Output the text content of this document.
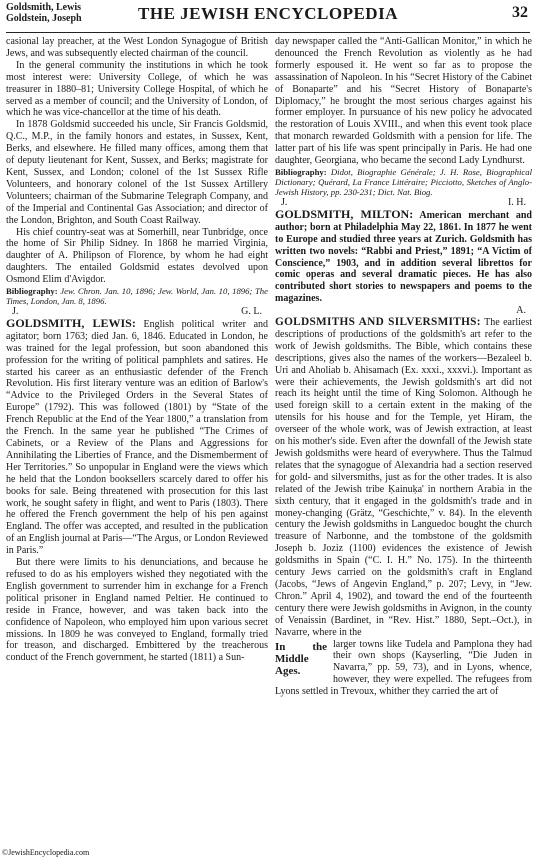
Goldsmith, Lewis
Goldstein, Joseph	THE JEWISH ENCYCLOPEDIA	32

casional lay preacher, at the West London Synagogue of British Jews, and was subsequently elected chairman of the council.

In the general community the institutions in which he took most interest were: University College, of which he was treasurer in 1880–81; University College Hospital, of which he served as a member of council; and the University of London, of which he was vice-chancellor at the time of his death.

In 1878 Goldsmid succeeded his uncle, Sir Francis Goldsmid, Q.C., M.P., in the family honors and estates, in Sussex, Kent, Berks, and elsewhere. He filled many offices, among them that of deputy lieutenant for Kent, Sussex, and Berks; magistrate for Kent, Sussex, and London; colonel of the 1st Sussex Rifle Volunteers, and honorary colonel of the 1st Sussex Artillery Volunteers; chairman of the Submarine Telegraph Company, and of the Imperial and Continental Gas Association; and director of the London, Brighton, and South Coast Railway.

His chief country-seat was at Somerhill, near Tunbridge, once the home of Sir Philip Sidney. In 1868 he married Virginia, daughter of A. Philipson of Florence, by whom he had eight daughters. The entailed Goldsmid estates devolved upon Osmond Elim d'Avigdor.

Bibliography: Jew. Chron. Jan. 10, 1896; Jew. World, Jan. 10, 1896; The Times, London, Jan. 8, 1896.

J.	G. L.

GOLDSMITH, LEWIS: English political writer and agitator; born 1763; died Jan. 6, 1846. Educated in London, he was trained for the legal profession, but soon abandoned this profession for the writing of political pamphlets and satires. He started his career as an enthusiastic defender of the French Revolution. His first literary venture was an edition of Barlow's “Advice to the Privileged Orders in the Several States of Europe” (1792). This was followed (1801) by “State of the French Republic at the End of the Year 1800,” a translation from the French. In the same year he published “The Crimes of Cabinets, or a Review of the Plans and Aggressions for Annihilating the Liberties of France, and the Dismemberment of Her Territories.” So unpopular in England were the views which he held that the London booksellers scarcely dared to offer his books for sale. Being threatened with prosecution for this last work, he sought safety in flight, and went to Paris (1803). There he offered the French government the help of his pen against England. The offer was accepted, and resulted in the publication of an English journal at Paris—“The Argus, or London Reviewed in Paris.”

But there were limits to his denunciations, and because he refused to do as his employers wished they negotiated with the English government to surrender him in exchange for a French political prisoner in England named Peltier. He continued to reside in France, however, and was taken back into the confidence of Napoleon, who employed him upon various secret missions. In 1809 he was conveyed to England, formally tried for treason, and discharged. Embittered by the treacherous conduct of the French government, he started (1811) a Sun-

day newspaper called the “Anti-Gallican Monitor,” in which he denounced the French Revolution as violently as he had formerly espoused it. He went so far as to propose the assassination of Napoleon. In his “Secret History of the Cabinet of Bonaparte” and his “Secret History of Bonaparte's Diplomacy,” he brought the most serious charges against his former employer. In pursuance of his new policy he advocated the restoration of Louis XVIII., and when this event took place that monarch rewarded Goldsmith with a pension for life. The latter part of his life was spent principally in Paris. He had one daughter, Georgiana, who became the second Lady Lyndhurst.

Bibliography: Didot, Biographie Générale; J. H. Rose, Biographical Dictionary; Quérard, La France Littéraire; Picciotto, Sketches of Anglo-Jewish History, pp. 230-231; Dict. Nat. Biog.

J.	I. H.

GOLDSMITH, MILTON: American merchant and author; born at Philadelphia May 22, 1861. In 1877 he went to Europe and studied three years at Zurich. Goldsmith has written two novels: “Rabbi and Priest,” 1891; “A Victim of Conscience,” 1903, and in addition several librettos for comic operas and several dramatic pieces. He has also contributed short stories to newspapers and poems to the magazines.

A.

GOLDSMITHS AND SILVERSMITHS: The earliest descriptions of productions of the goldsmith's art refer to the work of Jewish goldsmiths. The Bible, which contains these descriptions, gives also the names of the workers—Bezaleel b. Uri and Aholiab b. Ahisamach (Ex. xxxi., xxxvi.). Important as were their achievements, the Jewish goldsmith's art did not reach its height until the time of King Solomon. Although he used foreign skill to a certain extent in the making of the utensils for his house and for the Temple, yet Hiram, the overseer of the whole work, was of Jewish extraction, at least on his mother's side. Even after the downfall of the Jewish state Jewish goldsmiths were heard of everywhere. Thus the Talmud relates that the synagogue of Alexandria had a section reserved for gold- and silversmiths, just as for the other trades. It is also related of the Jewish tribe Ḳainuḳa' in northern Arabia in the sixth century, that it engaged in the goldsmith's trade and in money-changing (Grätz, “Geschichte,” v. 84). In the eleventh century the Jewish goldsmiths in Languedoc bought the church treasure of Narbonne, and the tombstone of the goldsmith Joseph b. Joziz (1100) evidences the existence of Jewish goldsmiths in Spain (“C. I. H.” No. 175). In the thirteenth century Jews carried on the goldsmith's craft in England (Jacobs, “Jews of Angevin England,” p. 207; Levy, in “Jew. Chron.” April 4, 1902), and toward the end of the fourteenth century there were Jewish goldsmiths in Avignon, in the county of Venaissin (Bardinet, in “Rev. Hist.” 1880, Sept.–Oct.), in Navarre, where in the

In the Middle Ages.
larger towns like Tudela and Pamplona they had their own shops (Kayserling, “Die Juden in Navarra,” pp. 59, 73), and in Lyons, whence, however, they were expelled. The refugees from Lyons settled in Trevoux, whither they carried the art of

©JewishEncyclopedia.com
